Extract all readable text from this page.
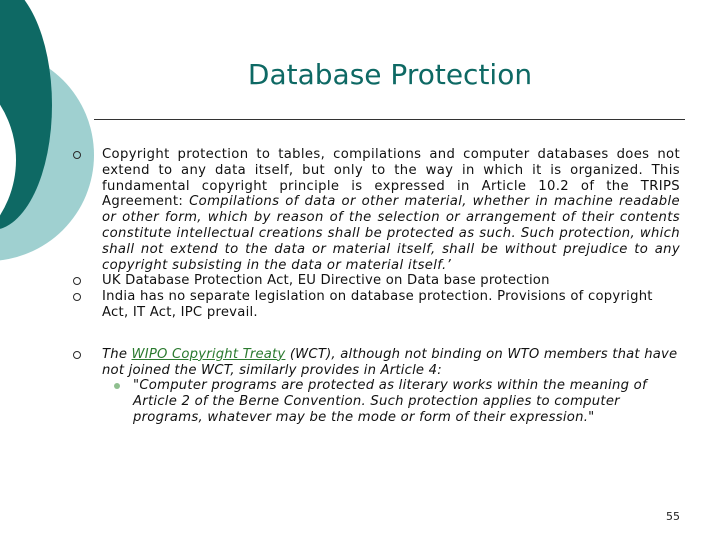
Database Protection
Copyright protection to tables, compilations and computer databases does not extend to any data itself, but only to the way in which it is organized. This fundamental copyright principle is expressed in Article 10.2 of the TRIPS Agreement: Compilations of data or other material, whether in machine readable or other form, which by reason of the selection or arrangement of their contents constitute intellectual creations shall be protected as such. Such protection, which shall not extend to the data or material itself, shall be without prejudice to any copyright subsisting in the data or material itself.’
UK Database Protection Act, EU Directive on Data base protection
India has no separate legislation on database protection. Provisions of copyright Act, IT Act, IPC prevail.
The WIPO Copyright Treaty (WCT), although not binding on WTO members that have not joined the WCT, similarly provides in Article 4:
"Computer programs are protected as literary works within the meaning of Article 2 of the Berne Convention. Such protection applies to computer programs, whatever may be the mode or form of their expression."
55
